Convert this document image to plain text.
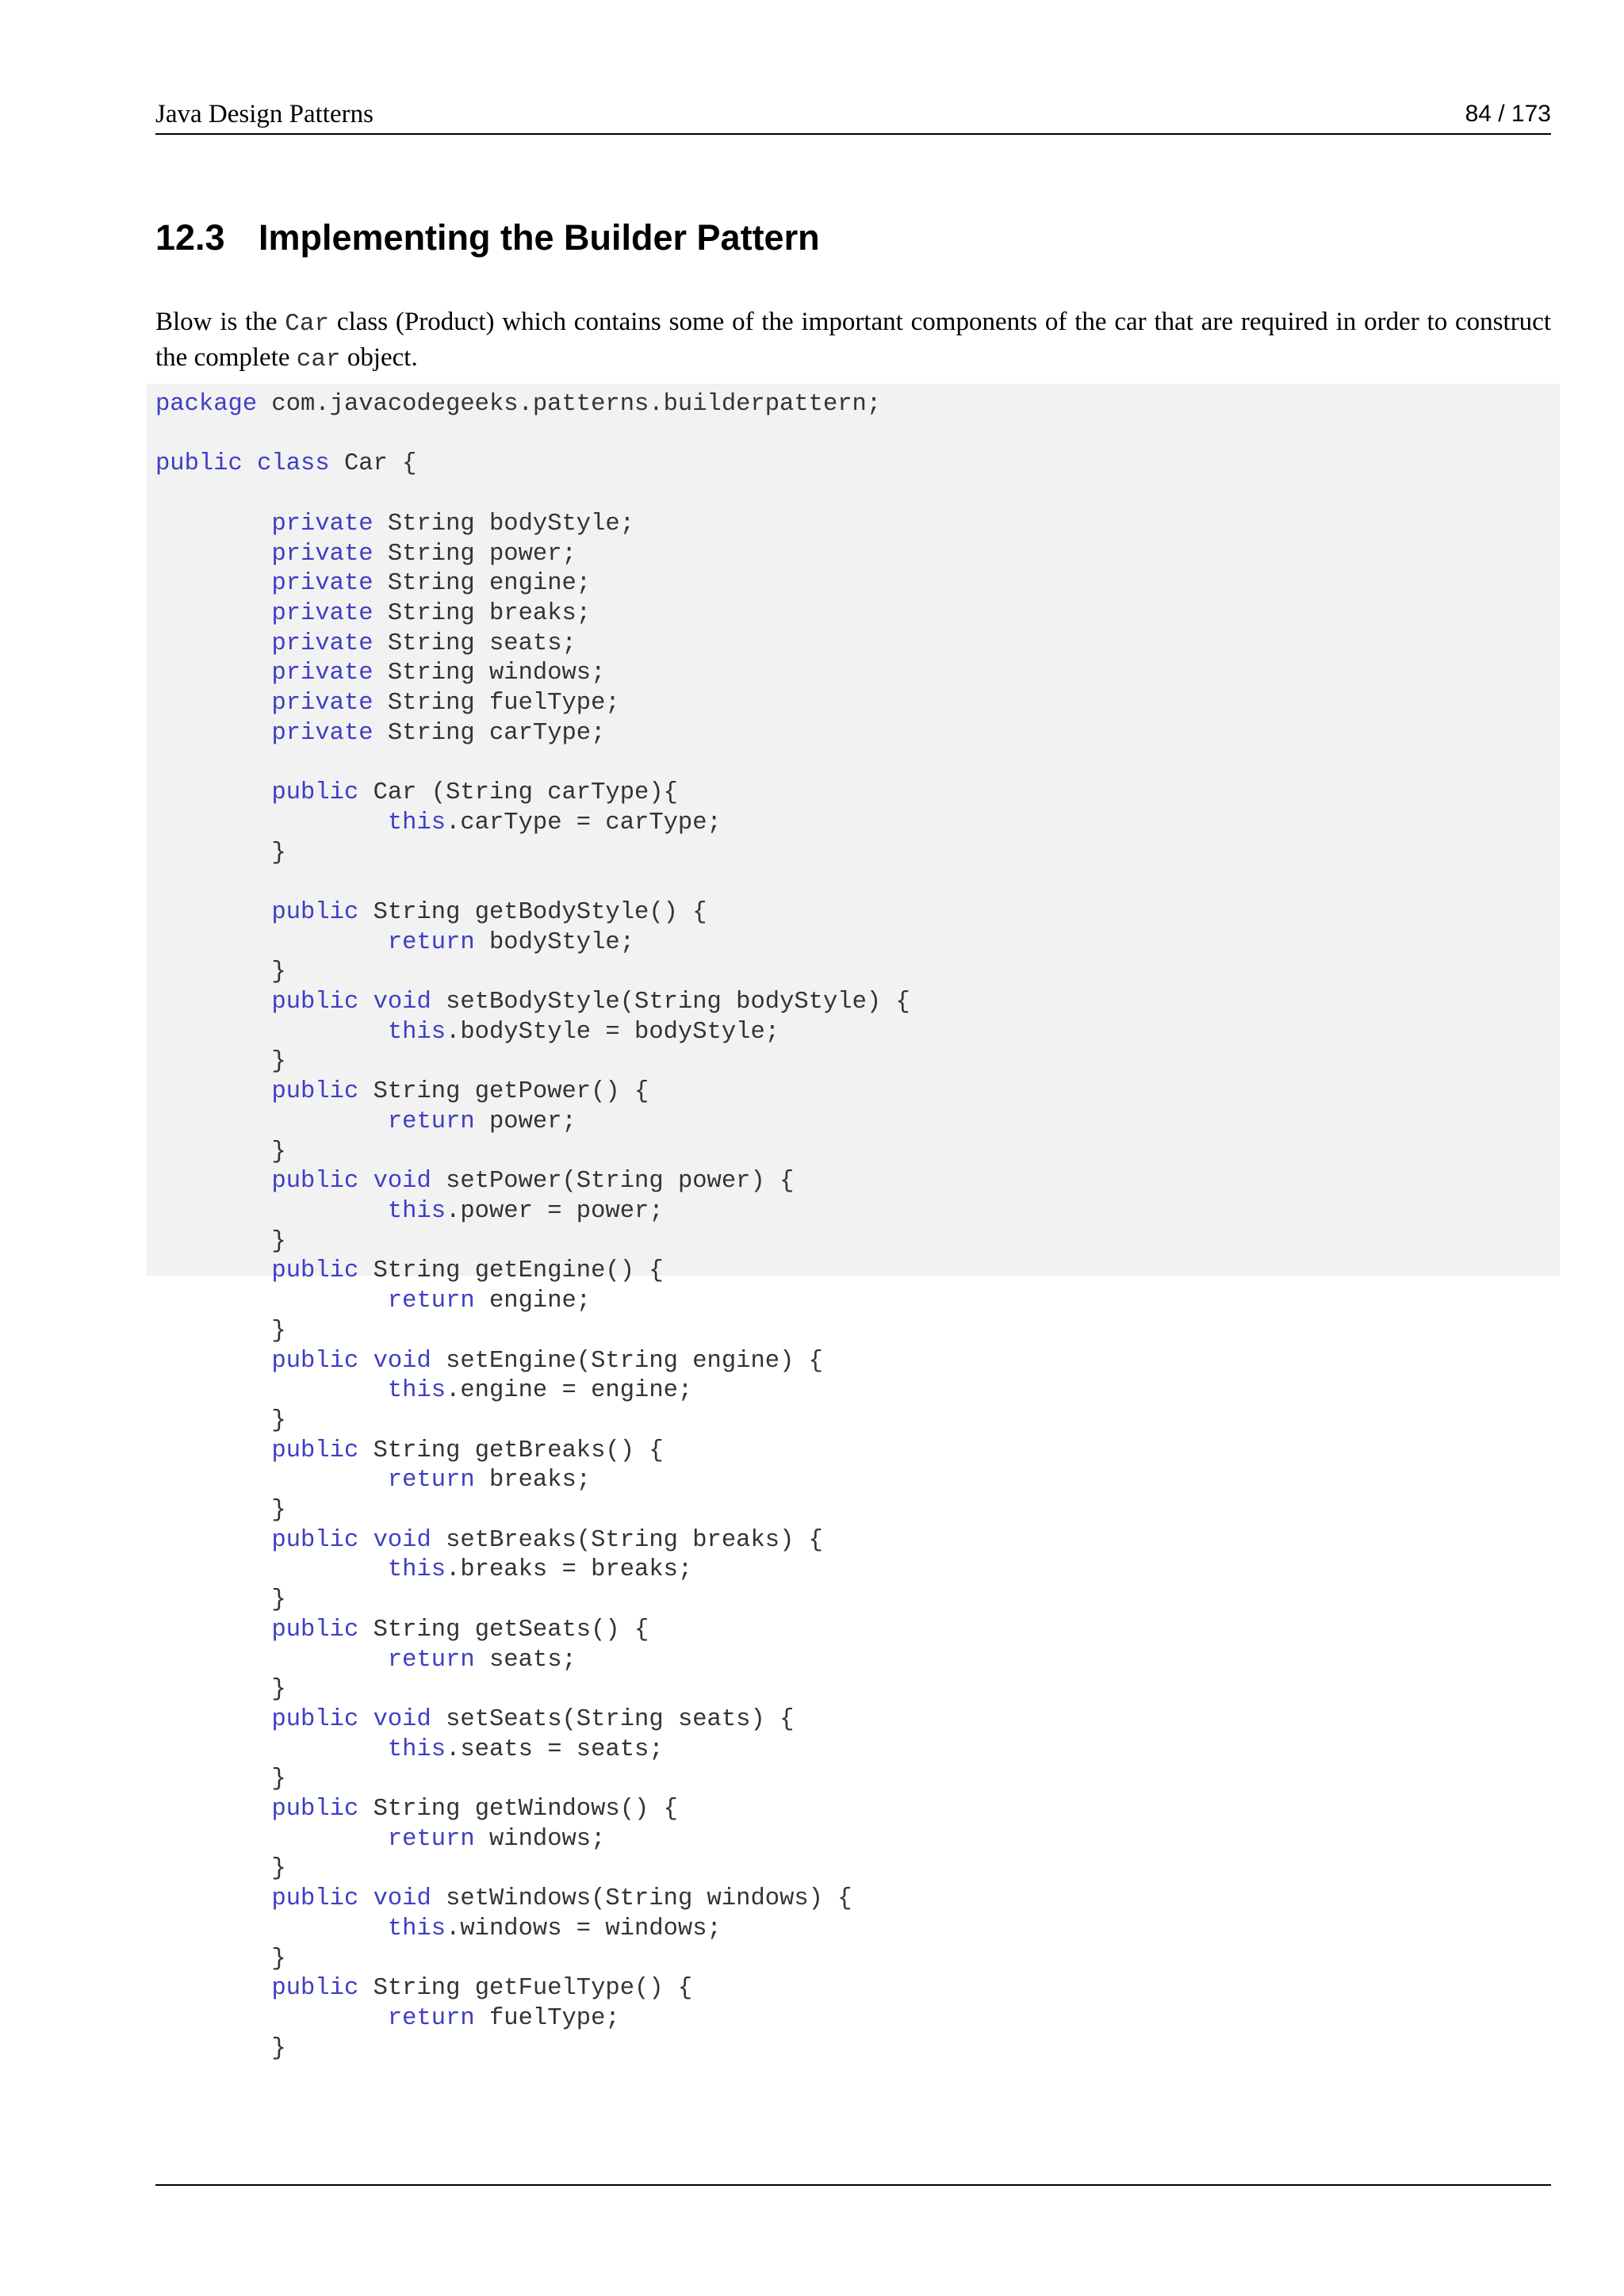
Java Design Patterns	84 / 173
12.3 Implementing the Builder Pattern

Blow is the Car class (Product) which contains some of the important components of the car that are required in order to construct the complete car object.

package com.javacodegeeks.patterns.builderpattern;

public class Car {

private String bodyStyle;
private String power;
private String engine;
private String breaks;
private String seats;
private String windows;
private String fuelType;
private String carType;

public Car (String carType){
this.carType = carType;
}

public String getBodyStyle() {
return bodyStyle;
}
public void setBodyStyle(String bodyStyle) {
this.bodyStyle = bodyStyle;
}
public String getPower() {
return power;
}
public void setPower(String power) {
this.power = power;
}
public String getEngine() {
return engine;
}
public void setEngine(String engine) {
this.engine = engine;
}
public String getBreaks() {
return breaks;
}
public void setBreaks(String breaks) {
this.breaks = breaks;
}
public String getSeats() {
return seats;
}
public void setSeats(String seats) {
this.seats = seats;
}
public String getWindows() {
return windows;
}
public void setWindows(String windows) {
this.windows = windows;
}
public String getFuelType() {
return fuelType;
}
